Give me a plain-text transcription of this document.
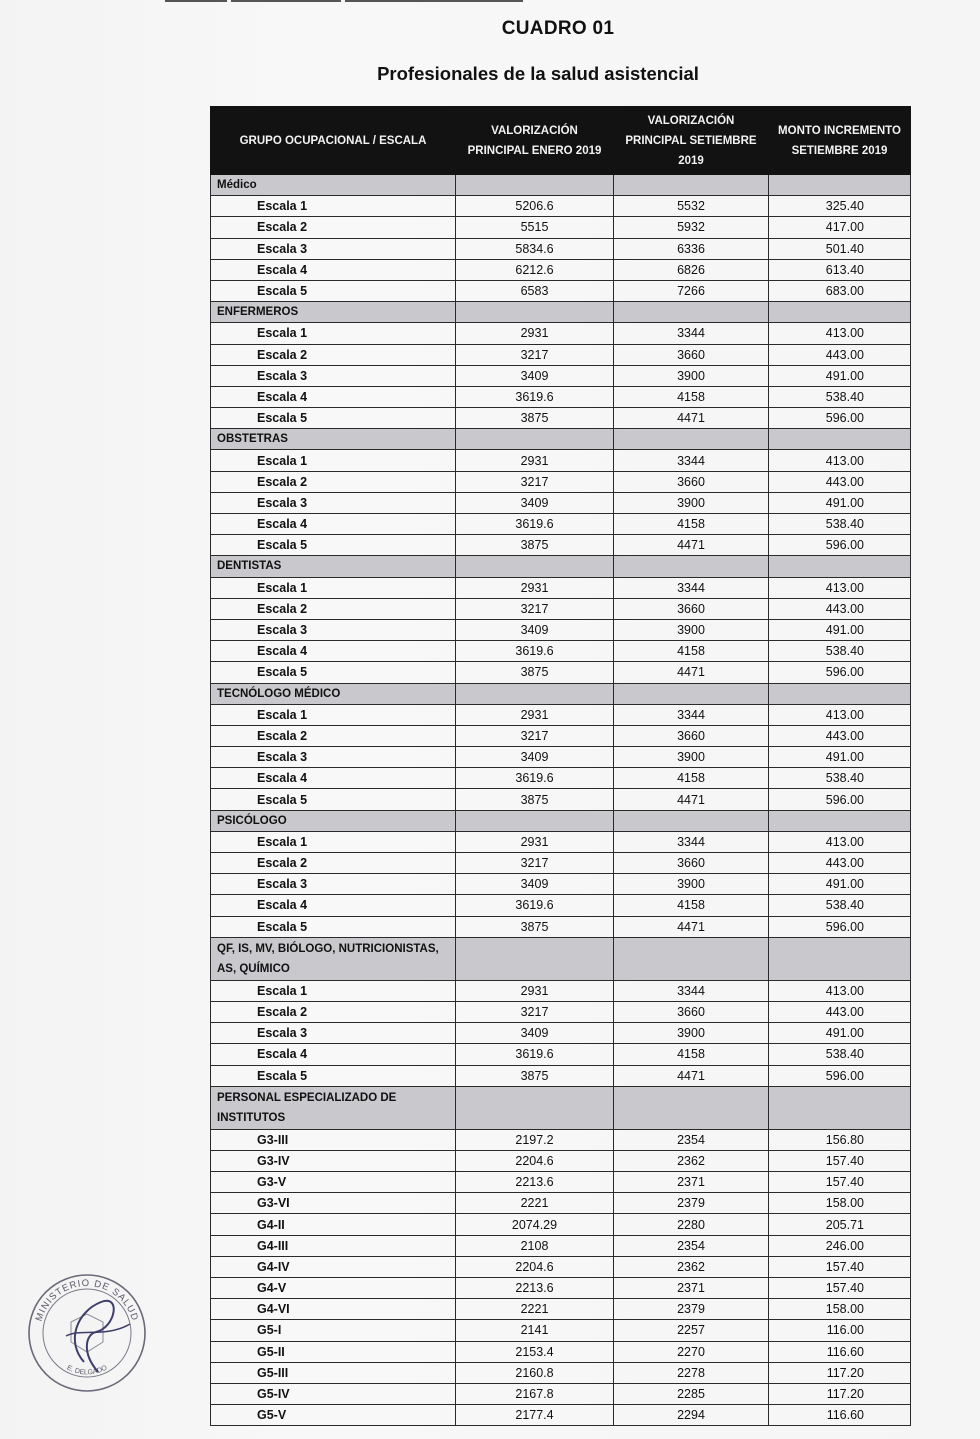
CUADRO 01
Profesionales de la salud asistencial
GRUPO OCUPACIONAL / ESCALA	VALORIZACIÓN PRINCIPAL ENERO 2019	VALORIZACIÓN PRINCIPAL SETIEMBRE 2019	MONTO INCREMENTO SETIEMBRE 2019
Médico			
Escala 1	5206.6	5532	325.40
Escala 2	5515	5932	417.00
Escala 3	5834.6	6336	501.40
Escala 4	6212.6	6826	613.40
Escala 5	6583	7266	683.00
ENFERMEROS			
Escala 1	2931	3344	413.00
Escala 2	3217	3660	443.00
Escala 3	3409	3900	491.00
Escala 4	3619.6	4158	538.40
Escala 5	3875	4471	596.00
OBSTETRAS			
Escala 1	2931	3344	413.00
Escala 2	3217	3660	443.00
Escala 3	3409	3900	491.00
Escala 4	3619.6	4158	538.40
Escala 5	3875	4471	596.00
DENTISTAS			
Escala 1	2931	3344	413.00
Escala 2	3217	3660	443.00
Escala 3	3409	3900	491.00
Escala 4	3619.6	4158	538.40
Escala 5	3875	4471	596.00
TECNÓLOGO MÉDICO			
Escala 1	2931	3344	413.00
Escala 2	3217	3660	443.00
Escala 3	3409	3900	491.00
Escala 4	3619.6	4158	538.40
Escala 5	3875	4471	596.00
PSICÓLOGO			
Escala 1	2931	3344	413.00
Escala 2	3217	3660	443.00
Escala 3	3409	3900	491.00
Escala 4	3619.6	4158	538.40
Escala 5	3875	4471	596.00
QF, IS, MV, BIÓLOGO, NUTRICIONISTAS, AS, QUÍMICO			
Escala 1	2931	3344	413.00
Escala 2	3217	3660	443.00
Escala 3	3409	3900	491.00
Escala 4	3619.6	4158	538.40
Escala 5	3875	4471	596.00
PERSONAL ESPECIALIZADO DE INSTITUTOS			
G3-III	2197.2	2354	156.80
G3-IV	2204.6	2362	157.40
G3-V	2213.6	2371	157.40
G3-VI	2221	2379	158.00
G4-II	2074.29	2280	205.71
G4-III	2108	2354	246.00
G4-IV	2204.6	2362	157.40
G4-V	2213.6	2371	157.40
G4-VI	2221	2379	158.00
G5-I	2141	2257	116.00
G5-II	2153.4	2270	116.60
G5-III	2160.8	2278	117.20
G5-IV	2167.8	2285	117.20
G5-V	2177.4	2294	116.60
MINISTERIO DE SALUD
E. DELGADO
